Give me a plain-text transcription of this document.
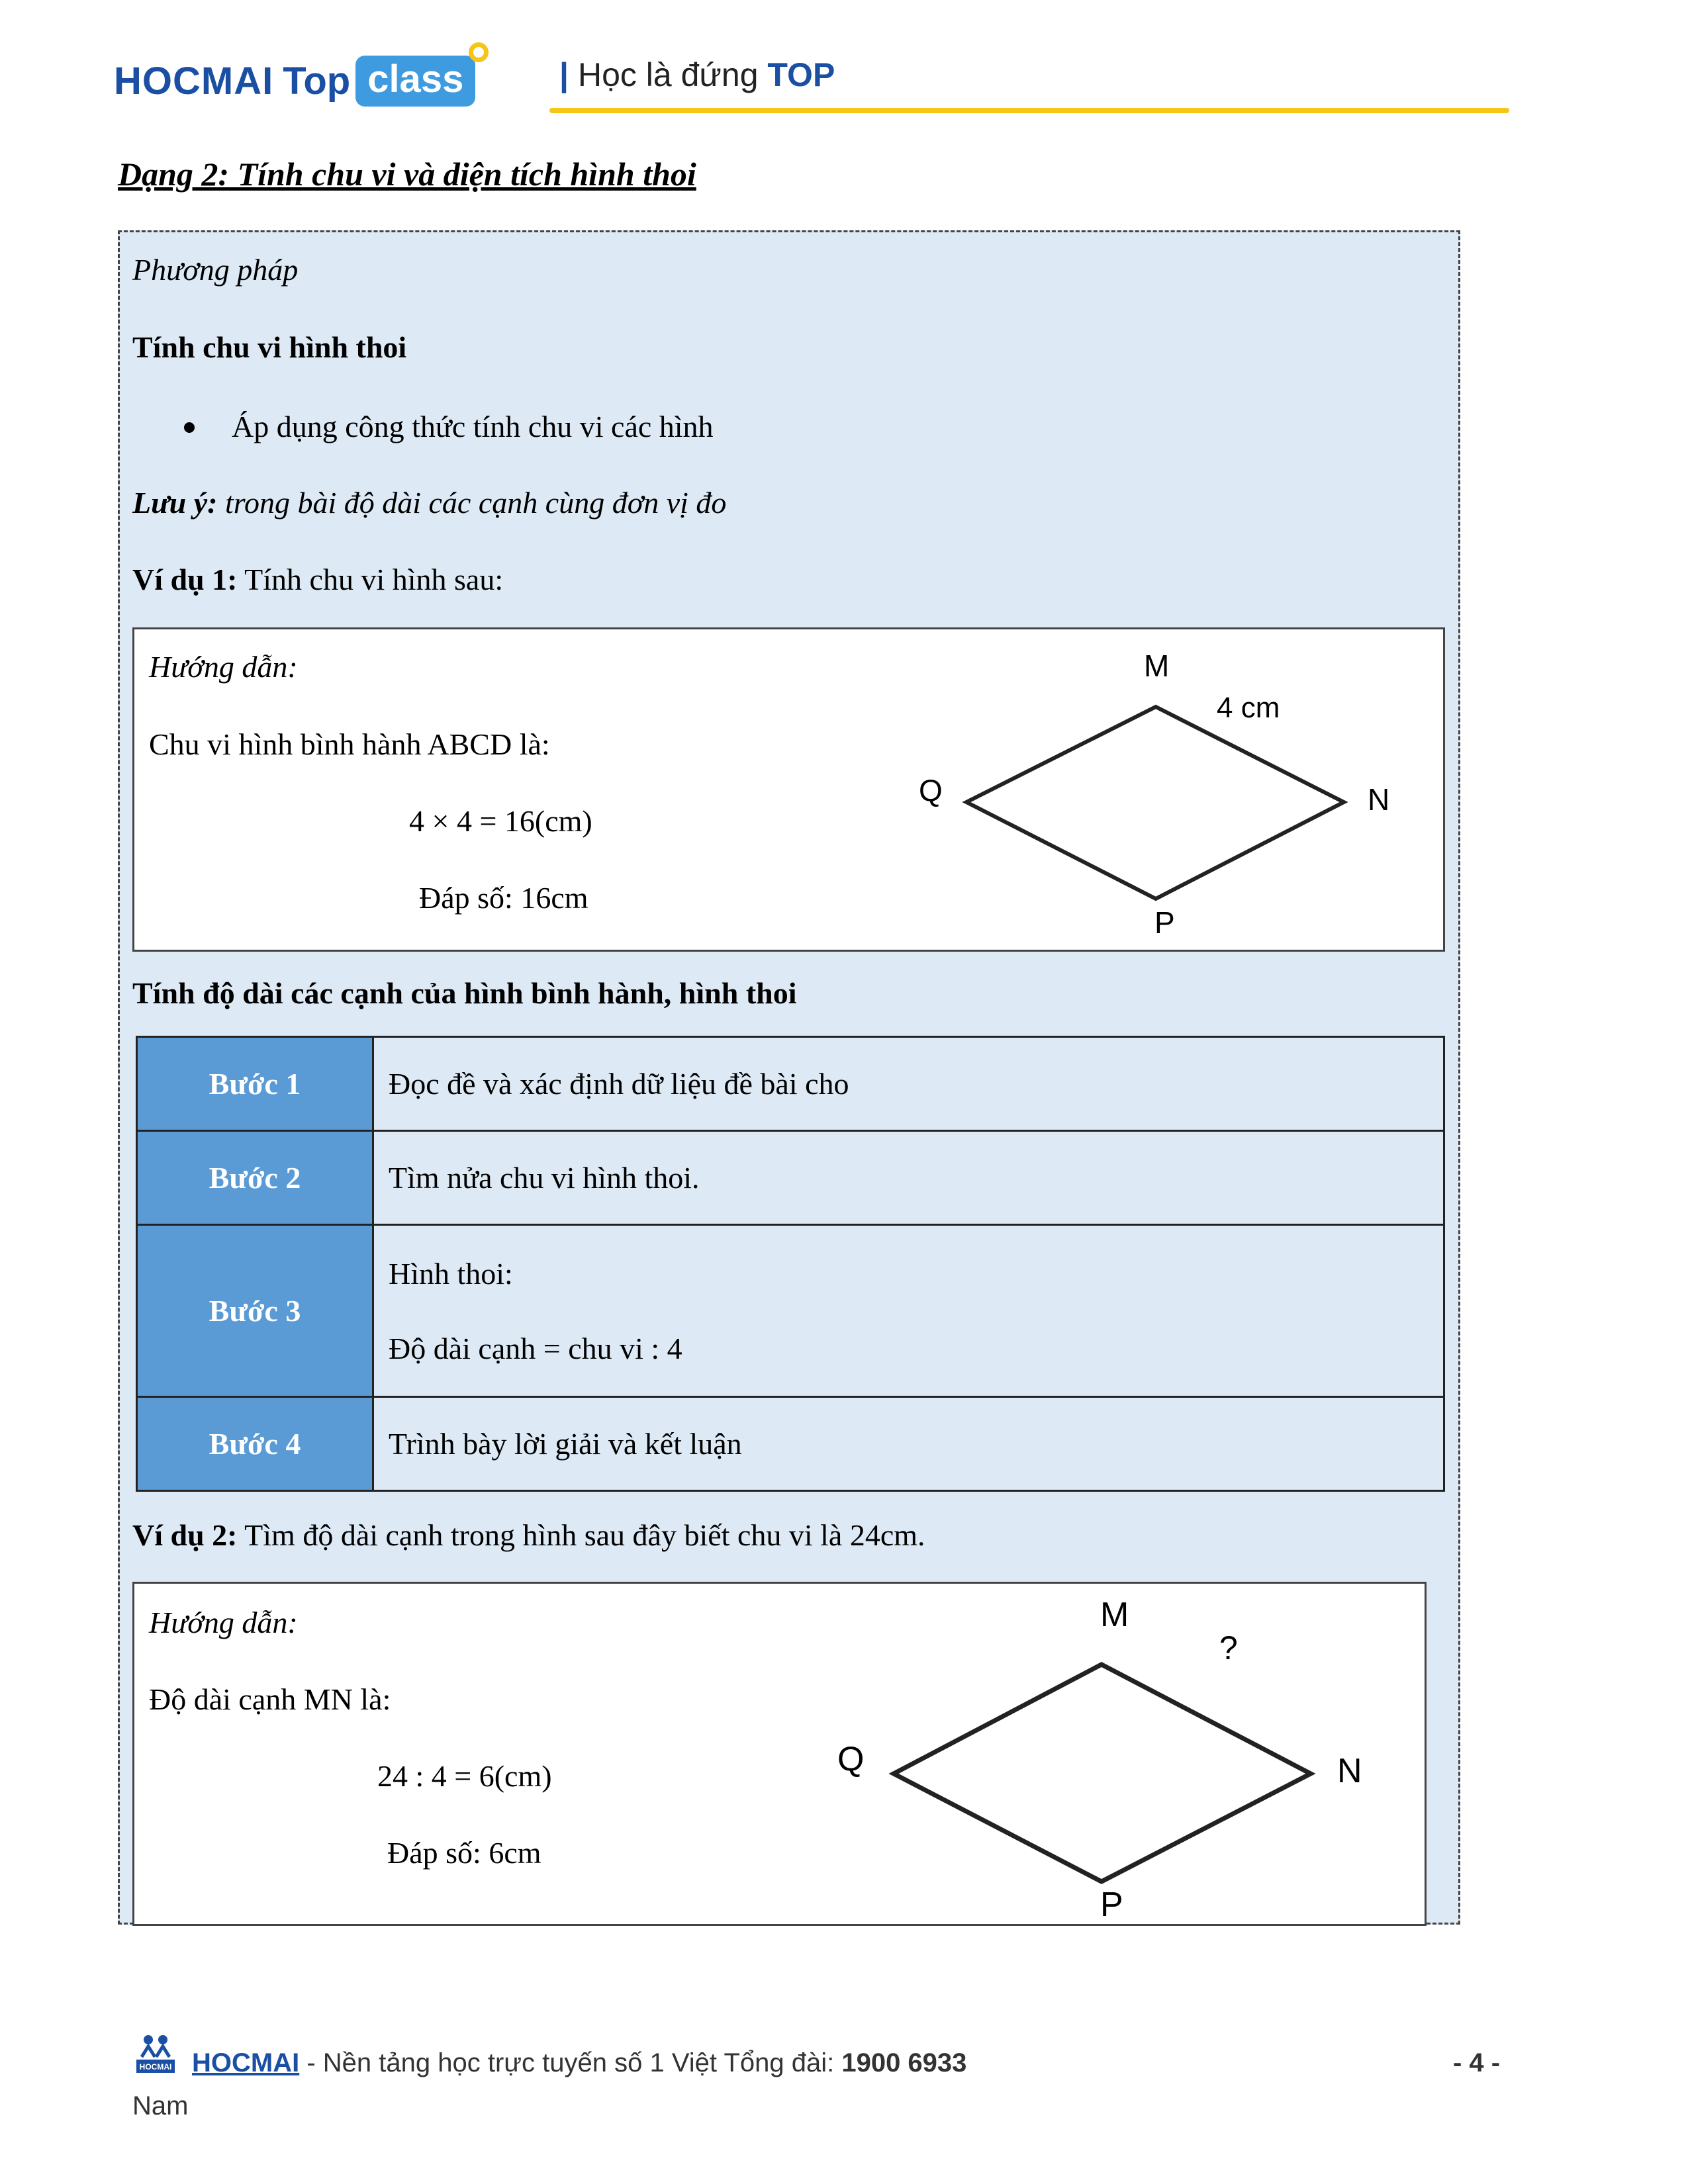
HOCMAI Top class	| Học là đứng TOP
Dạng 2: Tính chu vi và diện tích hình thoi
Phương pháp
Tính chu vi hình thoi
Áp dụng công thức tính chu vi các hình
Lưu ý: trong bài độ dài các cạnh cùng đơn vị đo
Ví dụ 1: Tính chu vi hình sau:
Hướng dẫn:
Chu vi hình bình hành ABCD là:
4 × 4 = 16(cm)
Đáp số: 16cm
M
N
P
Q
4 cm
Tính độ dài các cạnh của hình bình hành, hình thoi
Bước 1	Đọc đề và xác định dữ liệu đề bài cho
Bước 2	Tìm nửa chu vi hình thoi.
Bước 3	Hình thoi:
Độ dài cạnh = chu vi : 4

Bước 4	Trình bày lời giải và kết luận
Ví dụ 2: Tìm độ dài cạnh trong hình sau đây biết chu vi là 24cm.
Hướng dẫn:
Độ dài cạnh MN là:
24 : 4 = 6(cm)
Đáp số: 6cm
M
N
P
Q
?
HOCMAI HOCMAI - Nền tảng học trực tuyến số 1 Việt Tổng đài: 1900 6933	- 4 -
Nam
